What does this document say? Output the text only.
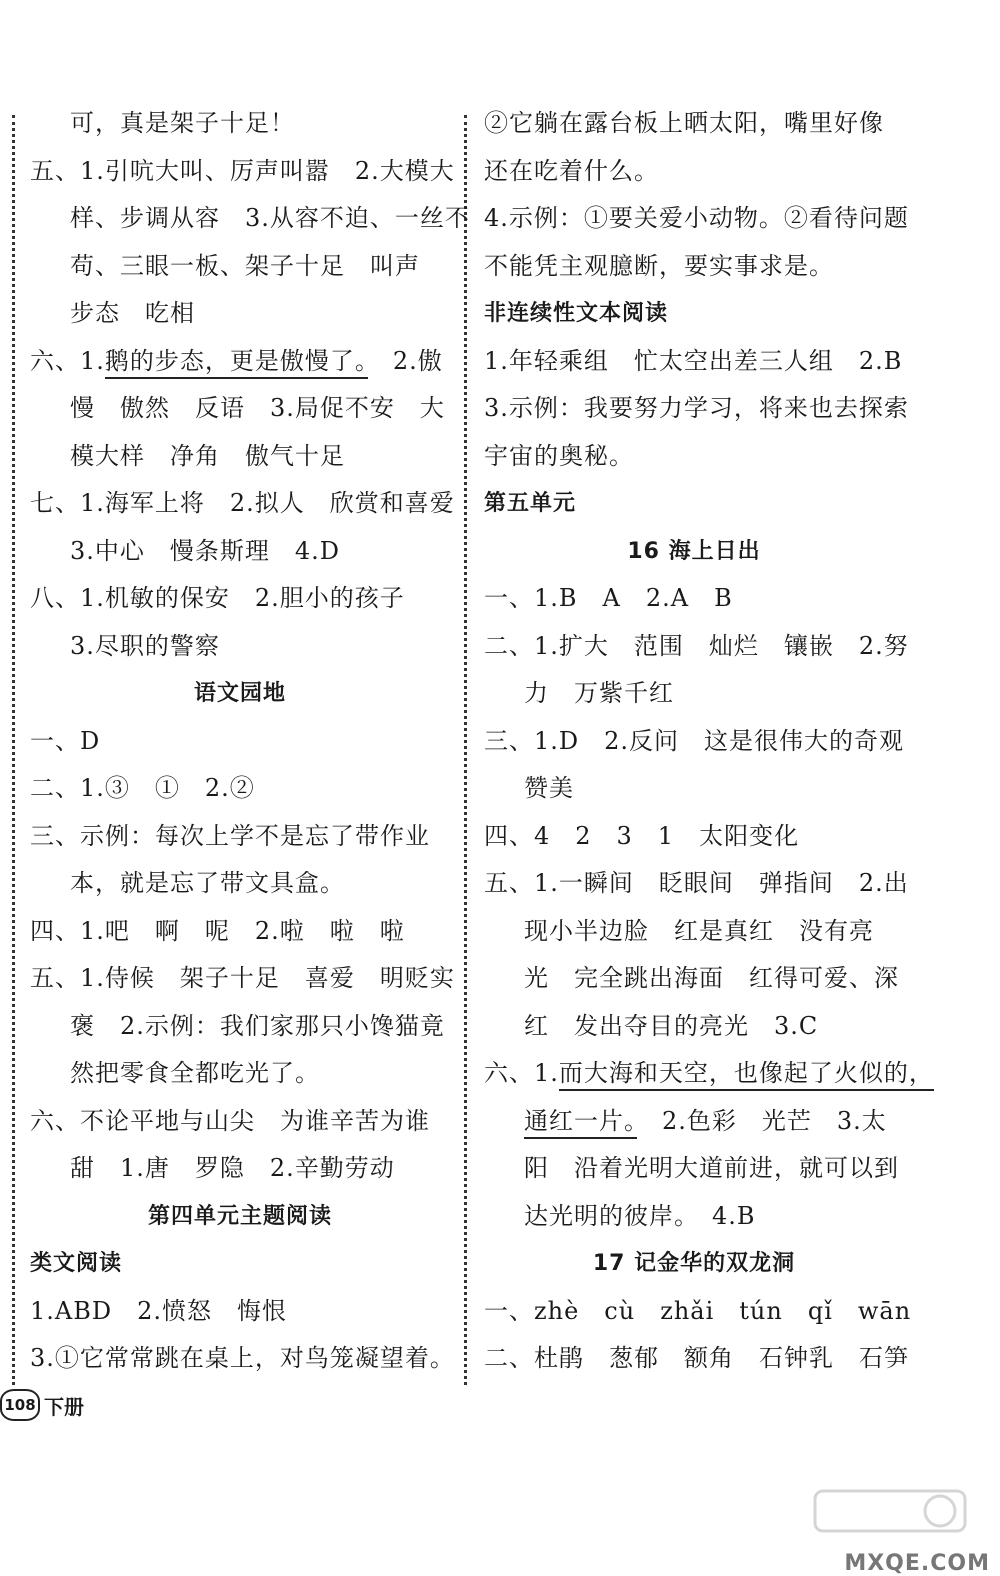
可，真是架子十足！
五、1.引吭大叫、厉声叫嚣　2.大模大
样、步调从容　3.从容不迫、一丝不
苟、三眼一板、架子十足　叫声
步态　吃相
六、1.鹅的步态，更是傲慢了。　2.傲
慢　傲然　反语　3.局促不安　大
模大样　净角　傲气十足
七、1.海军上将　2.拟人　欣赏和喜爱
3.中心　慢条斯理　4.D
八、1.机敏的保安　2.胆小的孩子
3.尽职的警察
语文园地
一、D
二、1.③　①　2.②
三、示例：每次上学不是忘了带作业
本，就是忘了带文具盒。
四、1.吧　啊　呢　2.啦　啦　啦
五、1.侍候　架子十足　喜爱　明贬实
褒　2.示例：我们家那只小馋猫竟
然把零食全都吃光了。
六、不论平地与山尖　为谁辛苦为谁
甜　1.唐　罗隐　2.辛勤劳动
第四单元主题阅读
类文阅读
1.ABD　2.愤怒　悔恨
3.①它常常跳在桌上，对鸟笼凝望着。
②它躺在露台板上晒太阳，嘴里好像
还在吃着什么。
4.示例：①要关爱小动物。②看待问题
不能凭主观臆断，要实事求是。
非连续性文本阅读
1.年轻乘组　忙太空出差三人组　2.B
3.示例：我要努力学习，将来也去探索
宇宙的奥秘。
第五单元
16 海上日出
一、1.B　A　2.A　B
二、1.扩大　范围　灿烂　镶嵌　2.努
力　万紫千红
三、1.D　2.反问　这是很伟大的奇观
赞美
四、4　2　3　1　太阳变化
五、1.一瞬间　眨眼间　弹指间　2.出
现小半边脸　红是真红　没有亮
光　完全跳出海面　红得可爱、深
红　发出夺目的亮光　3.C
六、1.而大海和天空，也像起了火似的，
通红一片。　2.色彩　光芒　3.太
阳　沿着光明大道前进，就可以到
达光明的彼岸。　4.B
17 记金华的双龙洞
一、zhè　cù　zhǎi　tún　qǐ　wān
二、杜鹃　葱郁　额角　石钟乳　石笋
108 下册
MXQE.COM
